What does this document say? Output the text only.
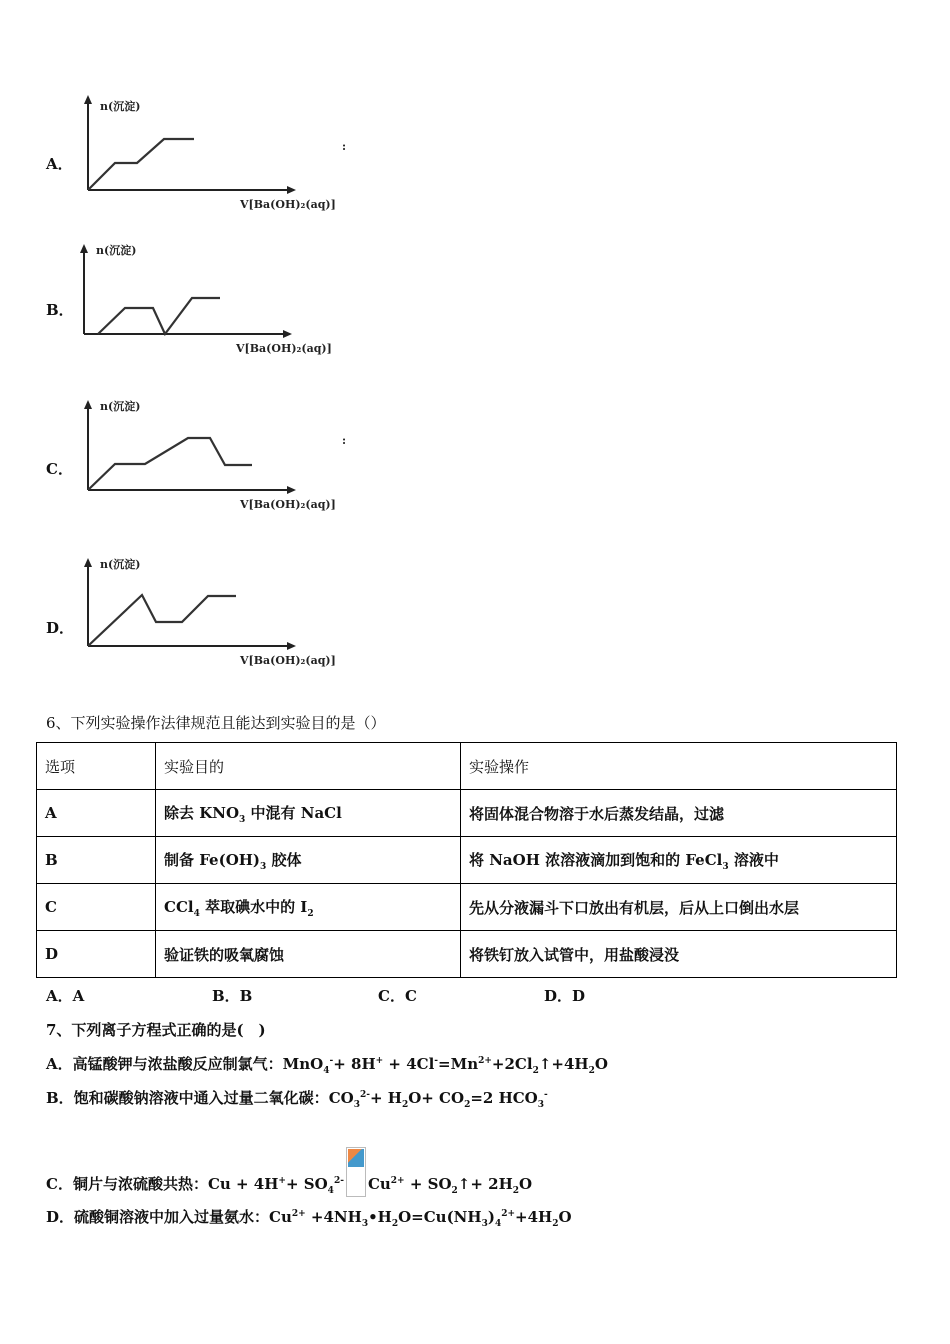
A．
n(沉淀)
V[Ba(OH)₂(aq)]
:
B．
n(沉淀)
V[Ba(OH)₂(aq)]
C．
n(沉淀)
V[Ba(OH)₂(aq)]
:
D．
n(沉淀)
V[Ba(OH)₂(aq)]
6、下列实验操作法律规范且能达到实验目的是（）
选项	实验目的	实验操作
A	除去 $KNO_3$ 中混有 NaCl	将固体混合物溶于水后蒸发结晶，过滤
B	制备 $Fe(OH)_3$ 胶体	将 NaOH 浓溶液滴加到饱和的 FeCl$_3$ 溶液中
C	CCl$_4$ 萃取碘水中的 $I_2$	先从分液漏斗下口放出有机层，后从上口倒出水层
D	验证铁的吸氧腐蚀	将铁钉放入试管中，用盐酸浸没
A．A	B．B	C．C	D．D
7、下列离子方程式正确的是(　)
A．高锰酸钾与浓盐酸反应制氯气：$MnO_4^-+ 8H^+ + 4Cl^-=Mn^{2+}+2Cl_2↑+4H_2O$
B．饱和碳酸钠溶液中通入过量二氧化碳：$CO_3^{2-}+ H_2O+ CO_2=2$ $HCO_3^-$
C．铜片与浓硫酸共热：$Cu + 4H^++ SO_4^{2-}$ $Cu^{2+}$ + $SO_2↑+ 2H_2O$
D．硫酸铜溶液中加入过量氨水：$Cu^{2+}$ $+4NH_3•H_2O=Cu(NH_3)_4^{2+}+4H_2O$
